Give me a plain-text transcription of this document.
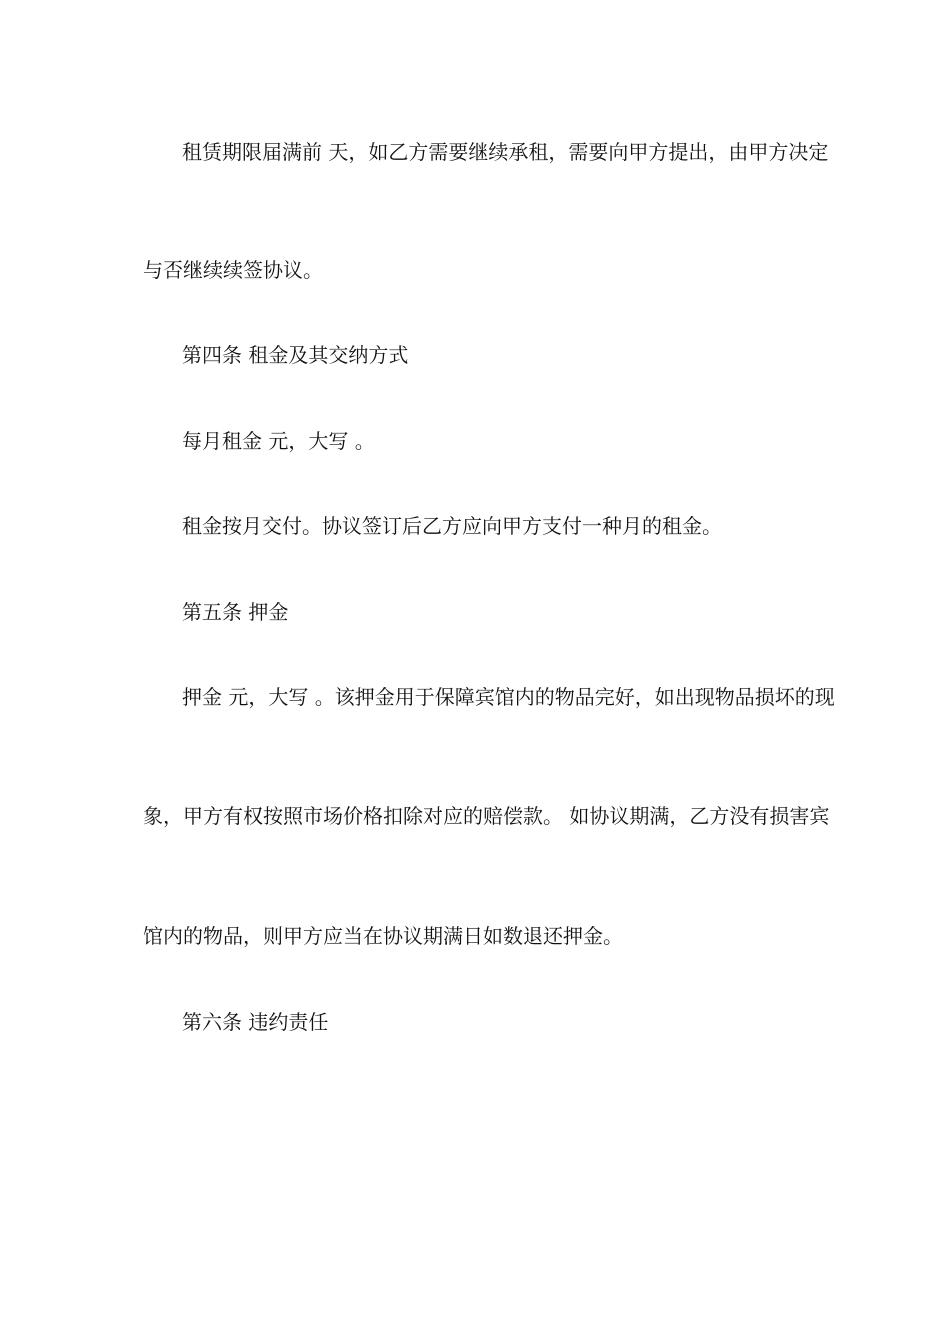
租赁期限届满前 天，如乙方需要继续承租，需要向甲方提出，由甲方决定
与否继续续签协议。
第四条 租金及其交纳方式
每月租金 元，大写 。
租金按月交付。协议签订后乙方应向甲方支付一种月的租金。
第五条 押金
押金 元，大写 。该押金用于保障宾馆内的物品完好，如出现物品损坏的现
象，甲方有权按照市场价格扣除对应的赔偿款。 如协议期满，乙方没有损害宾
馆内的物品，则甲方应当在协议期满日如数退还押金。
第六条 违约责任
